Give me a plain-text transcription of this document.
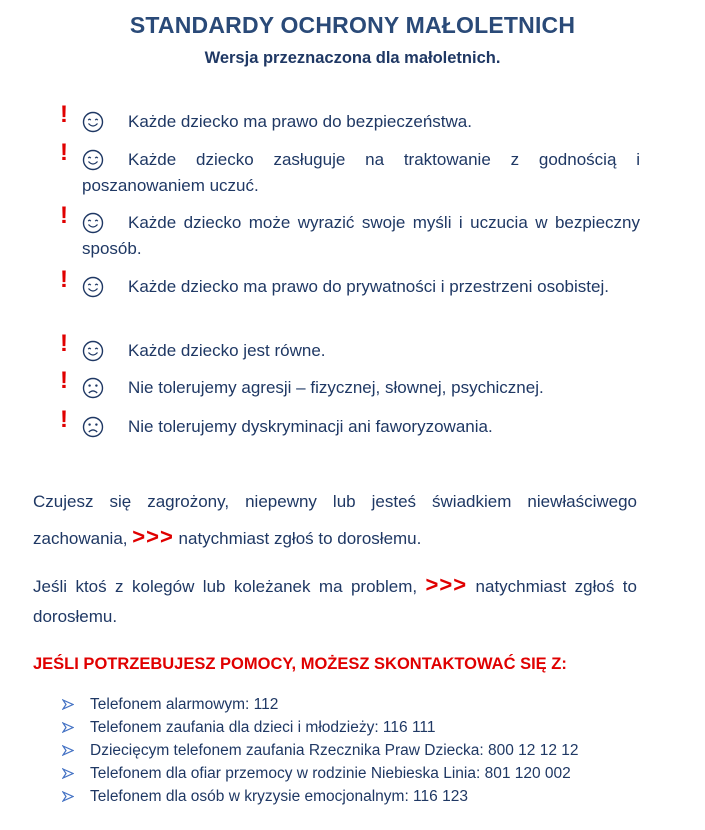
STANDARDY OCHRONY MAŁOLETNICH
Wersja przeznaczona dla małoletnich.
!	Każde dziecko ma prawo do bezpieczeństwa.
!	Każde dziecko zasługuje na traktowanie z godnością i poszanowaniem uczuć.
!	Każde dziecko może wyrazić swoje myśli i uczucia w bezpieczny sposób.
!	Każde dziecko ma prawo do prywatności i przestrzeni osobistej.
!	Każde dziecko jest równe.
!	Nie tolerujemy agresji – fizycznej, słownej, psychicznej.
!	Nie tolerujemy dyskryminacji ani faworyzowania.
Czujesz się zagrożony, niepewny lub jesteś świadkiem niewłaściwego zachowania, >>> natychmiast zgłoś to dorosłemu.
Jeśli ktoś z kolegów lub koleżanek ma problem, >>> natychmiast zgłoś to dorosłemu.
JEŚLI POTRZEBUJESZ POMOCY, MOŻESZ SKONTAKTOWAĆ SIĘ Z:
Telefonem alarmowym: 112
Telefonem zaufania dla dzieci i młodzieży: 116 111
Dziecięcym telefonem zaufania Rzecznika Praw Dziecka: 800 12 12 12
Telefonem dla ofiar przemocy w rodzinie Niebieska Linia: 801 120 002
Telefonem dla osób w kryzysie emocjonalnym: 116 123
